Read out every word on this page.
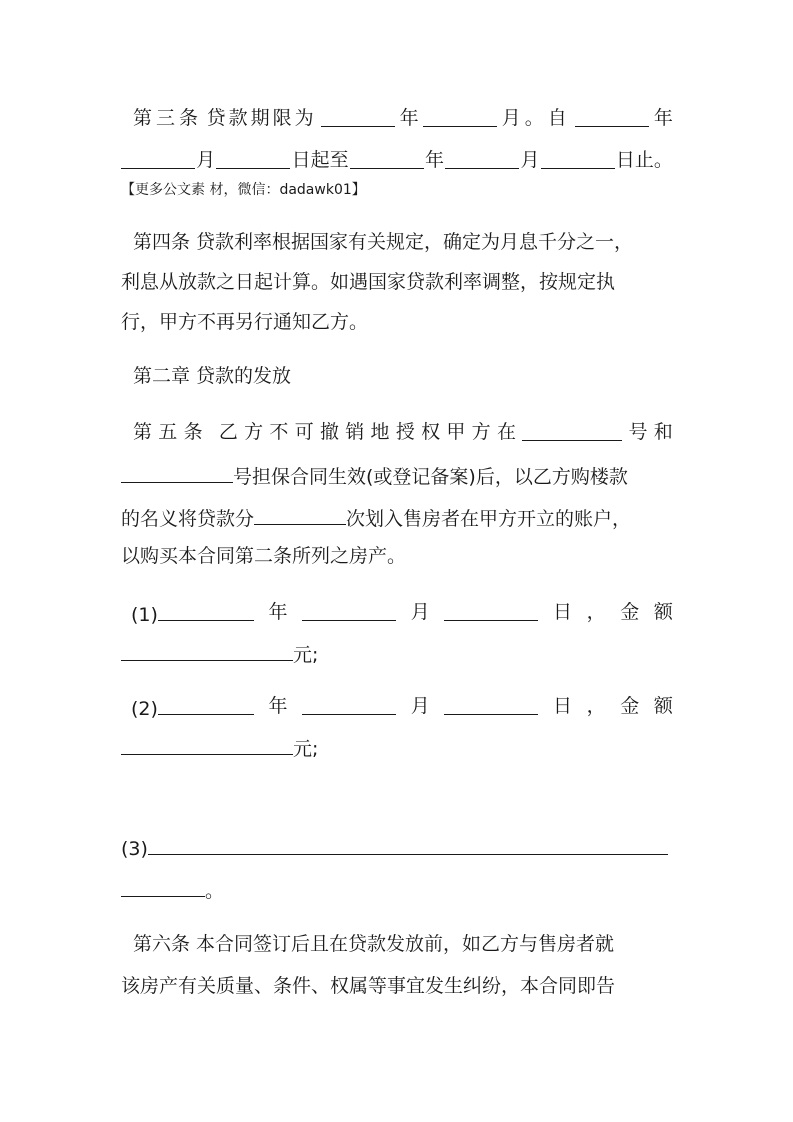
第三条 贷款期限为	年	月。自	年
月	日起至	年	月	日止。
【更多公文素 材，微信：dadawk01】
第四条 贷款利率根据国家有关规定，确定为月息千分之一，
利息从放款之日起计算。如遇国家贷款利率调整，按规定执
行，甲方不再另行通知乙方。
第二章 贷款的发放
第 五 条 乙 方 不 可 撤 销 地 授 权 甲 方 在	号 和
号担保合同生效(或登记备案)后，以乙方购楼款
的名义将贷款分	次划入售房者在甲方开立的账户，
以购买本合同第二条所列之房产。
(1)	年	月	日 ， 金 额
元;
(2)	年	月	日 ， 金 额
元;
(3)
。
第六条 本合同签订后且在贷款发放前，如乙方与售房者就
该房产有关质量、条件、权属等事宜发生纠纷，本合同即告
